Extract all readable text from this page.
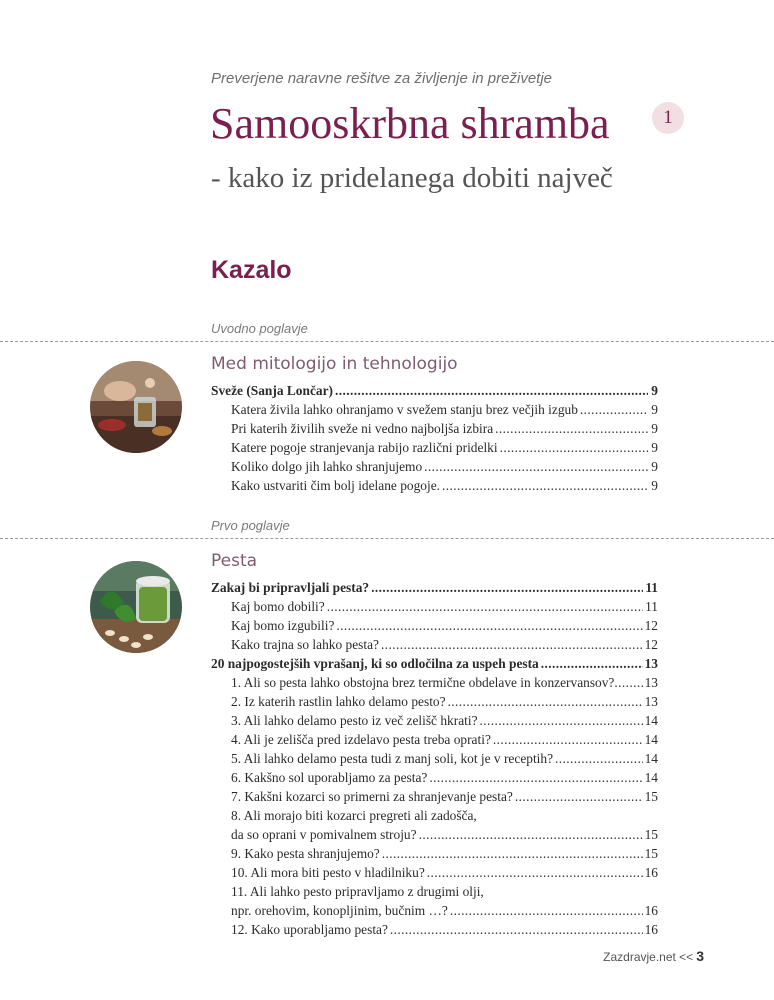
Preverjene naravne rešitve za življenje in preživetje
Samooskrbna shramba	1
- kako iz pridelanega dobiti največ
Kazalo
Uvodno poglavje
Med mitologijo in tehnologijo
Sveže (Sanja Lončar) .....	9
Katera živila lahko ohranjamo v svežem stanju brez večjih izgub .....	9
Pri katerih živilih sveže ni vedno najboljša izbira .....	9
Katere pogoje stranjevanja rabijo različni pridelki .....	9
Koliko dolgo jih lahko shranjujemo .....	9
Kako ustvariti čim bolj idelane pogoje. .....	9
Prvo poglavje
Pesta
Zakaj bi pripravljali pesta? .....	11
Kaj bomo dobili? .....	11
Kaj bomo izgubili? .....	12
Kako trajna so lahko pesta? .....	12
20 najpogostejših vprašanj, ki so odločilna za uspeh pesta .....	13
1. Ali so pesta lahko obstojna brez termične obdelave in konzervansov? ..... 13
2. Iz katerih rastlin lahko delamo pesto? .....	13
3. Ali lahko delamo pesto iz več zelišč hkrati? .....	14
4. Ali je zelišča pred izdelavo pesta treba oprati? .....	14
5. Ali lahko delamo pesta tudi z manj soli, kot je v receptih? .....	14
6. Kakšno sol uporabljamo za pesta? .....	14
7. Kakšni kozarci so primerni za shranjevanje pesta? .....	15
8. Ali morajo biti kozarci pregreti ali zadošča,
da so oprani v pomivalnem stroju? .....	15
9. Kako pesta shranjujemo? .....	15
10. Ali mora biti pesto v hladilniku? .....	16
11. Ali lahko pesto pripravljamo z drugimi olji,
npr. orehovim, konopljinim, bučnim …? .....	16
12. Kako uporabljamo pesta? .....	16
Zazdravje.net << 3
